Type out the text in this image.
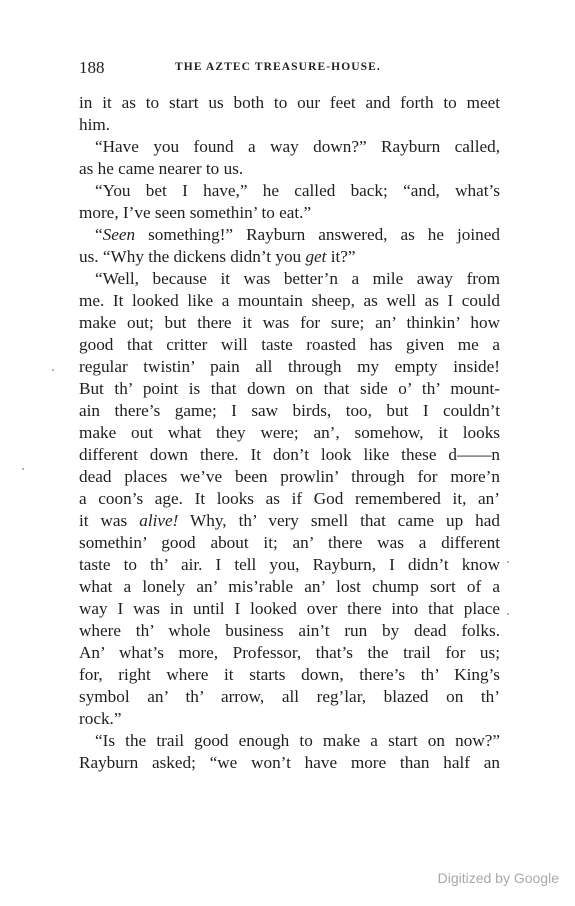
188	THE AZTEC TREASURE-HOUSE.
in it as to start us both to our feet and forth to meet
him.
“Have you found a way down?” Rayburn called,
as he came nearer to us.
“You bet I have,” he called back; “and, what’s
more, I’ve seen somethin’ to eat.”
“Seen something!” Rayburn answered, as he joined
us. “Why the dickens didn’t you get it?”
“Well, because it was better’n a mile away from
me. It looked like a mountain sheep, as well as I could
make out; but there it was for sure; an’ thinkin’ how
good that critter will taste roasted has given me a
regular twistin’ pain all through my empty inside!
But th’ point is that down on that side o’ th’ mount-
ain there’s game; I saw birds, too, but I couldn’t
make out what they were; an’, somehow, it looks
different down there. It don’t look like these d——n
dead places we’ve been prowlin’ through for more’n
a coon’s age. It looks as if God remembered it, an’
it was alive! Why, th’ very smell that came up had
somethin’ good about it; an’ there was a different
taste to th’ air. I tell you, Rayburn, I didn’t know
what a lonely an’ mis’rable an’ lost chump sort of a
way I was in until I looked over there into that place
where th’ whole business ain’t run by dead folks.
An’ what’s more, Professor, that’s the trail for us;
for, right where it starts down, there’s th’ King’s
symbol an’ th’ arrow, all reg’lar, blazed on th’
rock.”
“Is the trail good enough to make a start on now?”
Rayburn asked; “we won’t have more than half an
Digitized by Google
